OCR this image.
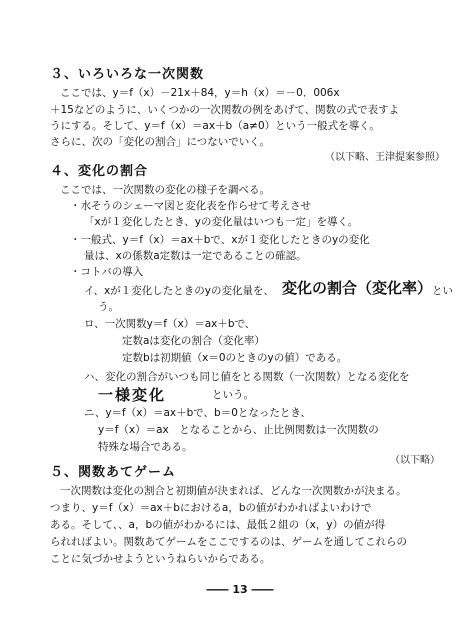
３、いろいろな一次関数
ここでは、y＝f（x）－21x＋84，y＝h（x）＝－0．006x
＋15などのように、いくつかの一次関数の例をあげて、関数の式で表すよ
うにする。そして、y＝f（x）＝ax＋b（a≠0）という一般式を導く。
さらに、次の「変化の割合」につないでいく。
（以下略、王津提案参照）
４、変化の割合
ここでは、一次関数の変化の様子を調べる。
・水そうのシェーマ図と変化表を作らせて考えさせ
「xが１変化したとき、yの変化量はいつも一定」を導く。
・一般式、y＝f（x）＝ax＋bで、xが１変化したときのyの変化
量は、xの係数a定数は一定であることの確認。
・コトバの導入
イ、xが１変化したときのyの変化量を、 変化の割合（変化率） とい
う。
ロ、一次関数y＝f（x）＝ax＋bで、
定数aは変化の割合（変化率）
定数bは初期値（x＝0のときのyの値）である。
ハ、変化の割合がいつも同じ値をとる関数（一次関数）となる変化を
一様変化	という。
ニ、y＝f（x）＝ax＋bで、b＝0となったとき、
y＝f（x）＝ax　となることから、止比例関数は一次関数の
特殊な場合である。
（以下略）
５、関数あてゲーム
一次関数は変化の割合と初期値が決まれば、どんな一次関数かが決まる。
つまり、y＝f（x）＝ax＋bにおけるa，bの値がわかればよいわけで
ある。そして、、a，bの値がわかるには、最低２組の（x，y）の値が得
られればよい。関数あてゲームをここでするのは、ゲームを通してこれらの
ことに気づかせようというねらいからである。
―― 13 ――
